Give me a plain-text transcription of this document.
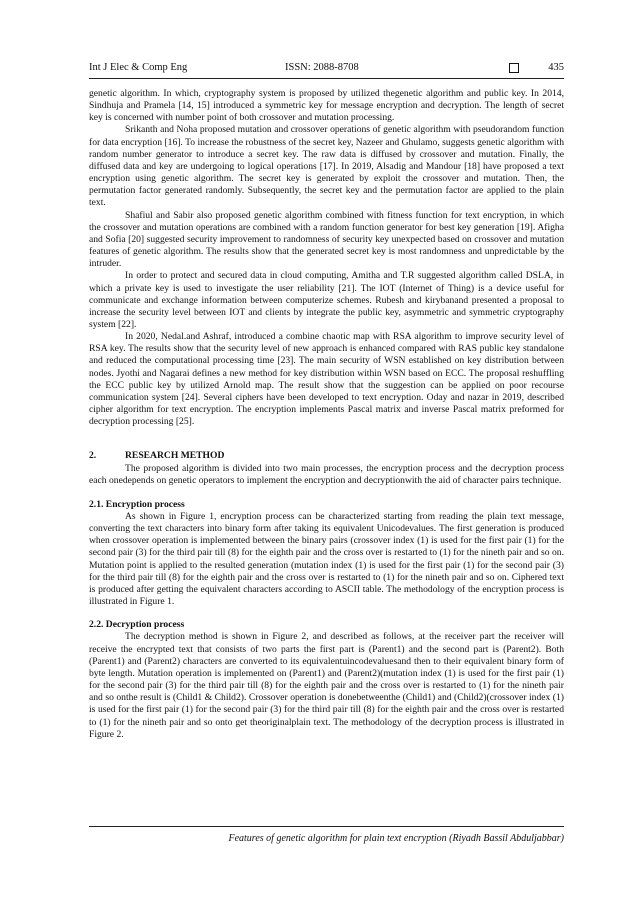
Int J Elec & Comp Eng	ISSN: 2088-8708	435

genetic algorithm. In which, cryptography system is proposed by utilized thegenetic algorithm and public key. In 2014, Sindhuja and Pramela [14, 15] introduced a symmetric key for message encryption and decryption. The length of secret key is concerned with number point of both crossover and mutation processing.

Srikanth and Noha proposed mutation and crossover operations of genetic algorithm with pseudorandom function for data encryption [16]. To increase the robustness of the secret key, Nazeer and Ghulamo, suggests genetic algorithm with random number generator to introduce a secret key. The raw data is diffused by crossover and mutation. Finally, the diffused data and key are undergoing to logical operations [17]. In 2019, Alsadig and Mandour [18] have proposed a text encryption using genetic algorithm. The secret key is generated by exploit the crossover and mutation. Then, the permutation factor generated randomly. Subsequently, the secret key and the permutation factor are applied to the plain text.

Shafiul and Sabir also proposed genetic algorithm combined with fitness function for text encryption, in which the crossover and mutation operations are combined with a random function generator for best key generation [19]. Afigha and Sofia [20] suggested security improvement to randomness of security key unexpected based on crossover and mutation features of genetic algorithm. The results show that the generated secret key is most randomness and unpredictable by the intruder.

In order to protect and secured data in cloud computing, Amitha and T.R suggested algorithm called DSLA, in which a private key is used to investigate the user reliability [21]. The IOT (Internet of Thing) is a device useful for communicate and exchange information between computerize schemes. Rubesh and kirybanand presented a proposal to increase the security level between IOT and clients by integrate the public key, asymmetric and symmetric cryptography system [22].

In 2020, Nedal.and Ashraf, introduced a combine chaotic map with RSA algorithm to improve security level of RSA key. The results show that the security level of new approach is enhanced compared with RAS public key standalone and reduced the computational processing time [23]. The main security of WSN established on key distribution between nodes. Jyothi and Nagarai defines a new method for key distribution within WSN based on ECC. The proposal reshuffling the ECC public key by utilized Arnold map. The result show that the suggestion can be applied on poor recourse communication system [24]. Several ciphers have been developed to text encryption. Oday and nazar in 2019, described cipher algorithm for text encryption. The encryption implements Pascal matrix and inverse Pascal matrix preformed for decryption processing [25].

2.	RESEARCH METHOD

The proposed algorithm is divided into two main processes, the encryption process and the decryption process each onedepends on genetic operators to implement the encryption and decryptionwith the aid of character pairs technique.

2.1. Encryption process

As shown in Figure 1, encryption process can be characterized starting from reading the plain text message, converting the text characters into binary form after taking its equivalent Unicodevalues. The first generation is produced when crossover operation is implemented between the binary pairs (crossover index (1) is used for the first pair (1) for the second pair (3) for the third pair till (8) for the eighth pair and the cross over is restarted to (1) for the nineth pair and so on. Mutation point is applied to the resulted generation (mutation index (1) is used for the first pair (1) for the second pair (3) for the third pair till (8) for the eighth pair and the cross over is restarted to (1) for the nineth pair and so on. Ciphered text is produced after getting the equivalent characters according to ASCII table. The methodology of the encryption process is illustrated in Figure 1.

2.2. Decryption process

The decryption method is shown in Figure 2, and described as follows, at the receiver part the receiver will receive the encrypted text that consists of two parts the first part is (Parent1) and the second part is (Parent2). Both (Parent1) and (Parent2) characters are converted to its equivalentuincodevaluesand then to their equivalent binary form of byte length. Mutation operation is implemented on (Parent1) and (Parent2)(mutation index (1) is used for the first pair (1) for the second pair (3) for the third pair till (8) for the eighth pair and the cross over is restarted to (1) for the nineth pair and so onthe result is (Child1 & Child2). Crossover operation is donebetweenthe (Child1) and (Child2)(crossover index (1) is used for the first pair (1) for the second pair (3) for the third pair till (8) for the eighth pair and the cross over is restarted to (1) for the nineth pair and so onto get theoriginalplain text. The methodology of the decryption process is illustrated in Figure 2.

Features of genetic algorithm for plain text encryption (Riyadh Bassil Abduljabbar)
